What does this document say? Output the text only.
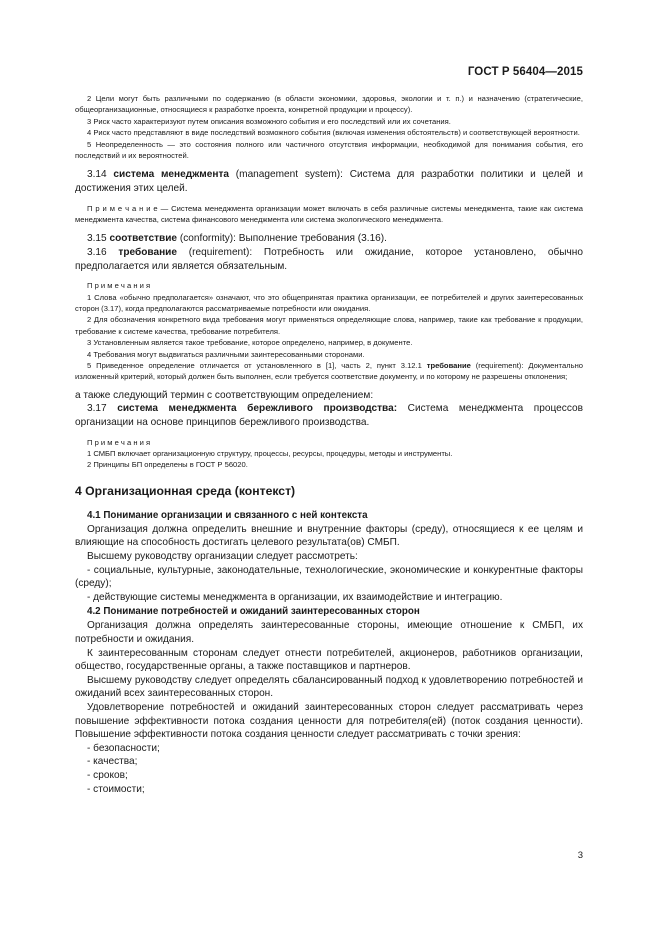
ГОСТ Р 56404—2015

2 Цели могут быть различными по содержанию (в области экономики, здоровья, экологии и т. п.) и назначению (стратегические, общеорганизационные, относящиеся к разработке проекта, конкретной продукции и процессу).

3 Риск часто характеризуют путем описания возможного события и его последствий или их сочетания.

4 Риск часто представляют в виде последствий возможного события (включая изменения обстоятельств) и соответствующей вероятности.

5 Неопределенность — это состояния полного или частичного отсутствия информации, необходимой для понимания события, его последствий и их вероятностей.

3.14 система менеджмента (management system): Система для разработки политики и целей и достижения этих целей.

П р и м е ч а н и е — Система менеджмента организации может включать в себя различные системы менеджмента, такие как система менеджмента качества, система финансового менеджмента или система экологического менеджмента.

3.15 соответствие (conformity): Выполнение требования (3.16).

3.16 требование (requirement): Потребность или ожидание, которое установлено, обычно предполагается или является обязательным.

П р и м е ч а н и я

1 Слова «обычно предполагается» означают, что это общепринятая практика организации, ее потребителей и других заинтересованных сторон (3.17), когда предполагаются рассматриваемые потребности или ожидания.

2 Для обозначения конкретного вида требования могут применяться определяющие слова, например, такие как требование к продукции, требование к системе качества, требование потребителя.

3 Установленным является такое требование, которое определено, например, в документе.

4 Требования могут выдвигаться различными заинтересованными сторонами.

5 Приведенное определение отличается от установленного в [1], часть 2, пункт 3.12.1 требование (requirement): Документально изложенный критерий, который должен быть выполнен, если требуется соответствие документу, и по которому не разрешены отклонения;

а также следующий термин с соответствующим определением:

3.17 система менеджмента бережливого производства: Система менеджмента процессов организации на основе принципов бережливого производства.

П р и м е ч а н и я

1 СМБП включает организационную структуру, процессы, ресурсы, процедуры, методы и инструменты.

2 Принципы БП определены в ГОСТ Р 56020.

4 Организационная среда (контекст)

4.1 Понимание организации и связанного с ней контекста

Организация должна определить внешние и внутренние факторы (среду), относящиеся к ее целям и влияющие на способность достигать целевого результата(ов) СМБП.

Высшему руководству организации следует рассмотреть:

- социальные, культурные, законодательные, технологические, экономические и конкурентные факторы (среду);

- действующие системы менеджмента в организации, их взаимодействие и интеграцию.

4.2 Понимание потребностей и ожиданий заинтересованных сторон

Организация должна определять заинтересованные стороны, имеющие отношение к СМБП, их потребности и ожидания.

К заинтересованным сторонам следует отнести потребителей, акционеров, работников организации, общество, государственные органы, а также поставщиков и партнеров.

Высшему руководству следует определять сбалансированный подход к удовлетворению потребностей и ожиданий всех заинтересованных сторон.

Удовлетворение потребностей и ожиданий заинтересованных сторон следует рассматривать через повышение эффективности потока создания ценности для потребителя(ей) (поток создания ценности). Повышение эффективности потока создания ценности следует рассматривать с точки зрения:

- безопасности;

- качества;

- сроков;

- стоимости;

3
